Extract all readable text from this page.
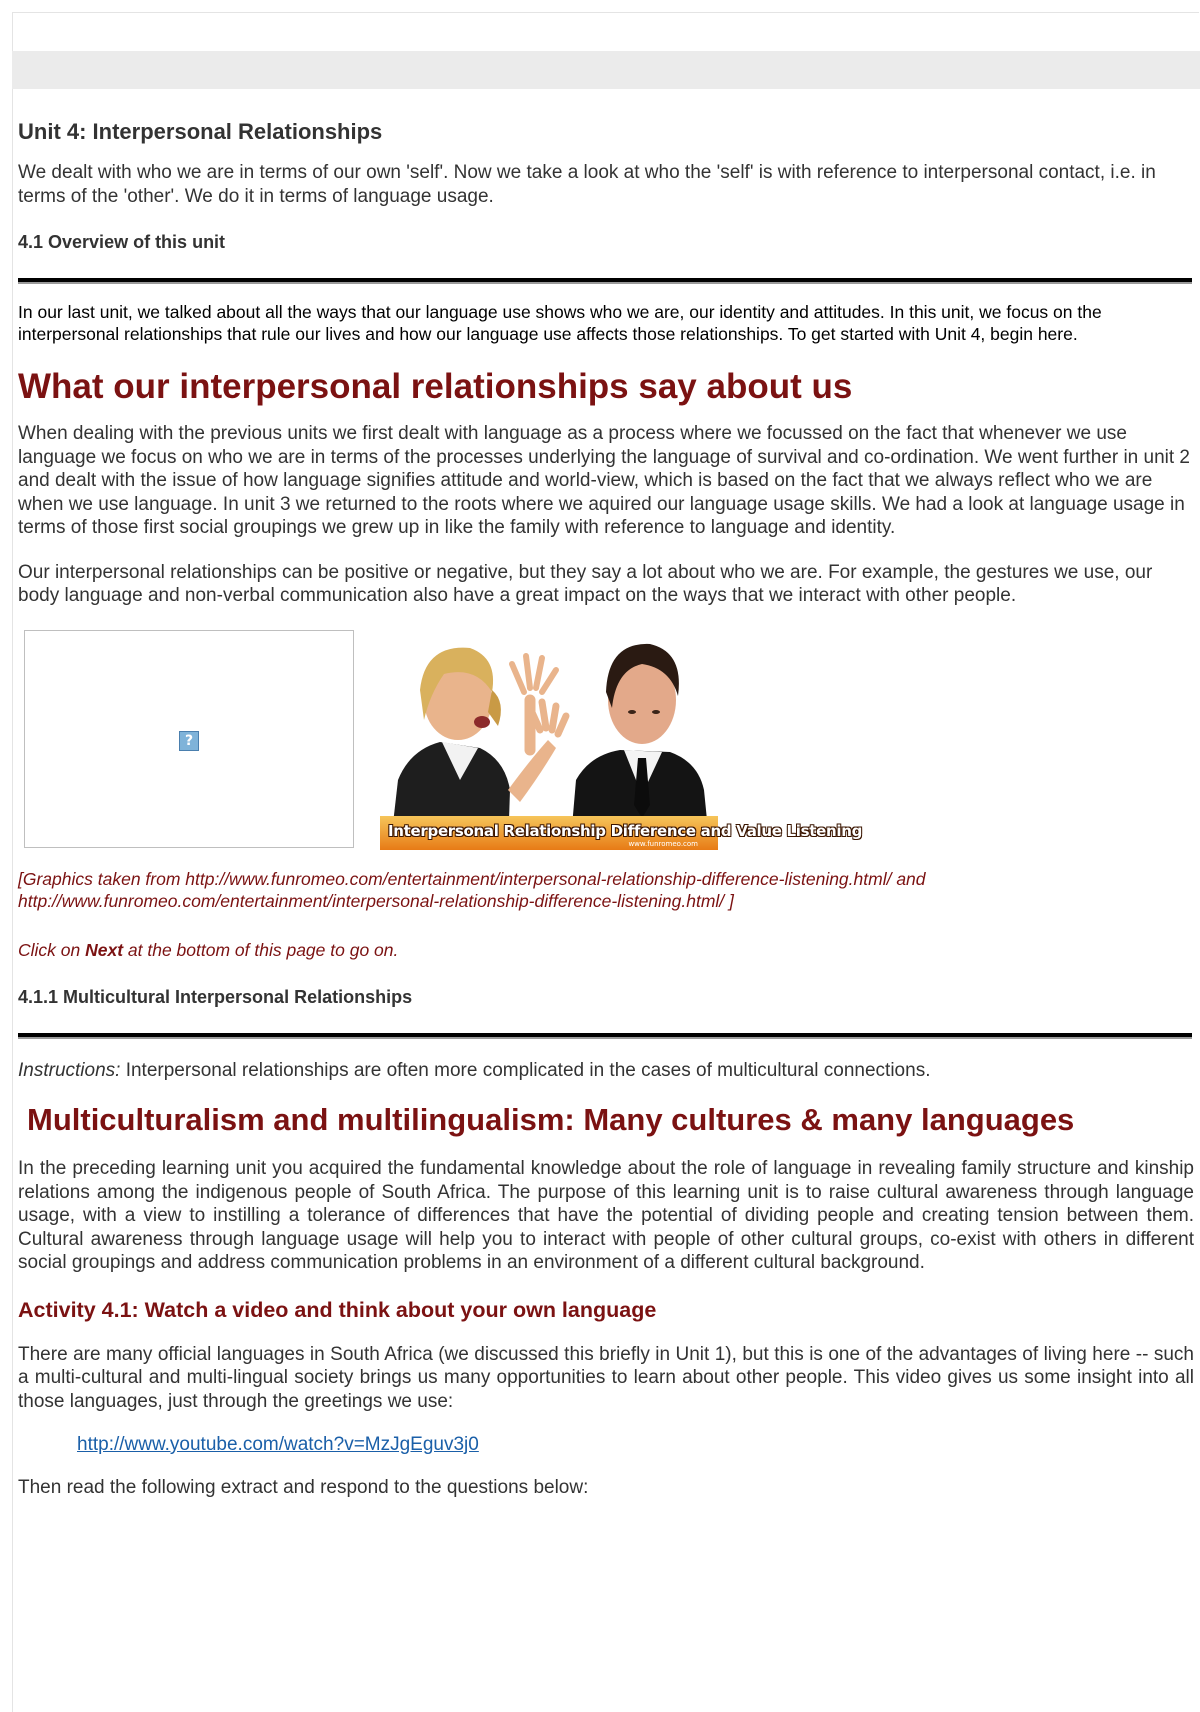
Unit 4: Interpersonal Relationships

We dealt with who we are in terms of our own 'self'. Now we take a look at who the 'self' is with reference to interpersonal contact, i.e. in terms of the 'other'. We do it in terms of language usage.

4.1 Overview of this unit

In our last unit, we talked about all the ways that our language use shows who we are, our identity and attitudes. In this unit, we focus on the interpersonal relationships that rule our lives and how our language use affects those relationships. To get started with Unit 4, begin here.

What our interpersonal relationships say about us

When dealing with the previous units we first dealt with language as a process where we focussed on the fact that whenever we use language we focus on who we are in terms of the processes underlying the language of survival and co-ordination. We went further in unit 2 and dealt with the issue of how language signifies attitude and world-view, which is based on the fact that we always reflect who we are when we use language. In unit 3 we returned to the roots where we aquired our language usage skills. We had a look at language usage in terms of those first social groupings we grew up in like the family with reference to language and identity.

Our interpersonal relationships can be positive or negative, but they say a lot about who we are. For example, the gestures we use, our body language and non-verbal communication also have a great impact on the ways that we interact with other people.

?
Interpersonal Relationship Difference and Value Listening
www.funromeo.com

[Graphics taken from http://www.funromeo.com/entertainment/interpersonal-relationship-difference-listening.html/ and http://www.funromeo.com/entertainment/interpersonal-relationship-difference-listening.html/ ]

Click on Next at the bottom of this page to go on.

4.1.1 Multicultural Interpersonal Relationships

Instructions: Interpersonal relationships are often more complicated in the cases of multicultural connections.

Multiculturalism and multilingualism: Many cultures & many languages

In the preceding learning unit you acquired the fundamental knowledge about the role of language in revealing family structure and kinship relations among the indigenous people of South Africa. The purpose of this learning unit is to raise cultural awareness through language usage, with a view to instilling a tolerance of differences that have the potential of dividing people and creating tension between them. Cultural awareness through language usage will help you to interact with people of other cultural groups, co-exist with others in different social groupings and address communication problems in an environment of a different cultural background.

Activity 4.1: Watch a video and think about your own language

There are many official languages in South Africa (we discussed this briefly in Unit 1), but this is one of the advantages of living here -- such a multi-cultural and multi-lingual society brings us many opportunities to learn about other people. This video gives us some insight into all those languages, just through the greetings we use:

http://www.youtube.com/watch?v=MzJgEguv3j0

Then read the following extract and respond to the questions below:
